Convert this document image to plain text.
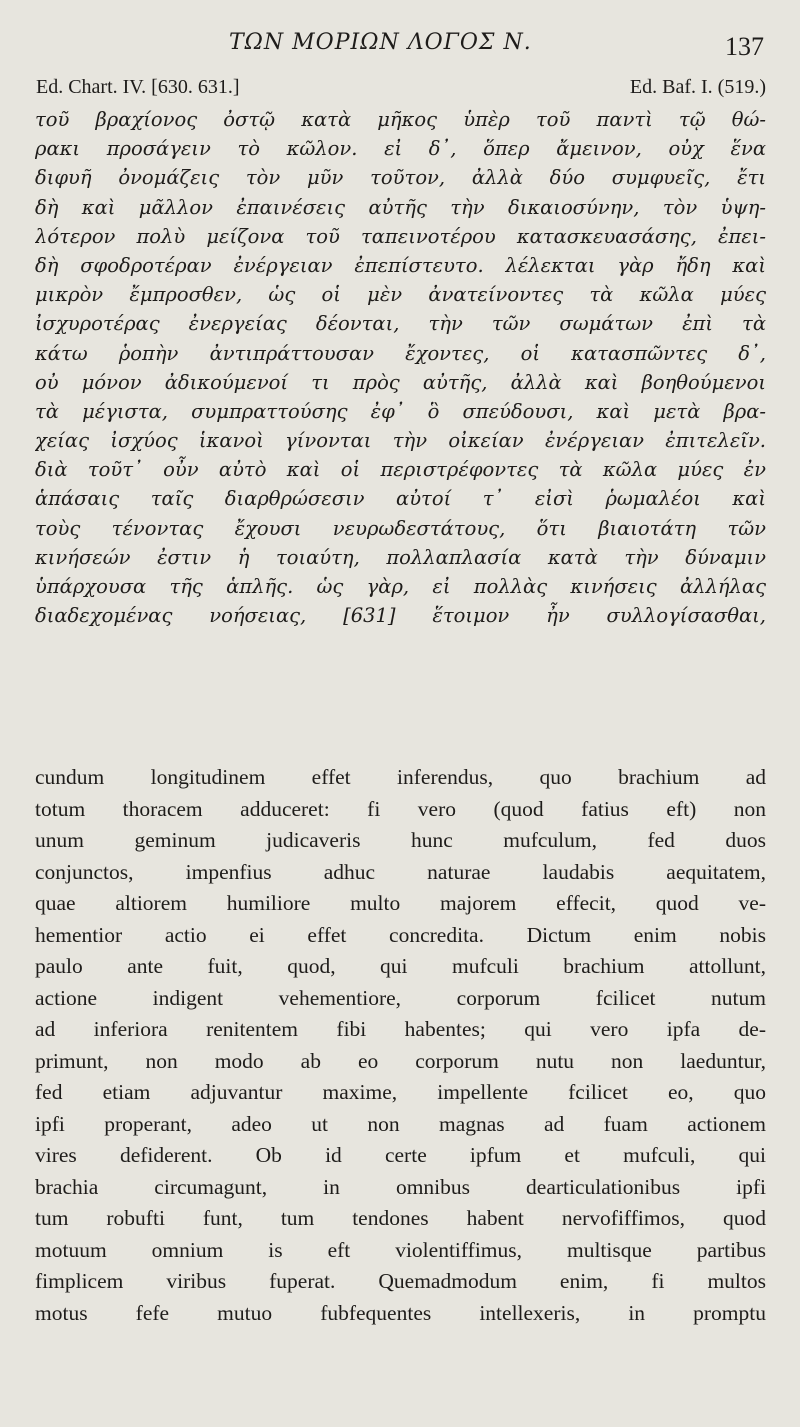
ΤΩΝ ΜΟΡΙΩΝ ΛΟΓΟΣ Ν.	137
Ed. Chart. IV. [630. 631.]	Ed. Baf. I. (519.)
τοῦ βραχίονος ὀστῷ κατὰ μῆκος ὑπὲρ τοῦ παντὶ τῷ θώ-
ρακι προσάγειν τὸ κῶλον. εἰ δ᾽, ὅπερ ἄμεινον, οὐχ ἕνα
διφυῆ ὀνομάζεις τὸν μῦν τοῦτον, ἀλλὰ δύο συμφυεῖς, ἔτι
δὴ καὶ μᾶλλον ἐπαινέσεις αὐτῆς τὴν δικαιοσύνην, τὸν ὑψη-
λότερον πολὺ μείζονα τοῦ ταπεινοτέρου κατασκευασάσης, ἐπει-
δὴ σφοδροτέραν ἐνέργειαν ἐπεπίστευτο. λέλεκται γὰρ ἤδη καὶ
μικρὸν ἔμπροσθεν, ὡς οἱ μὲν ἀνατείνοντες τὰ κῶλα μύες
ἰσχυροτέρας ἐνεργείας δέονται, τὴν τῶν σωμάτων ἐπὶ τὰ
κάτω ῥοπὴν ἀντιπράττουσαν ἔχοντες, οἱ κατασπῶντες δ᾽,
οὐ μόνον ἀδικούμενοί τι πρὸς αὐτῆς, ἀλλὰ καὶ βοηθούμενοι
τὰ μέγιστα, συμπραττούσης ἐφ᾽ ὃ σπεύδουσι, καὶ μετὰ βρα-
χείας ἰσχύος ἱκανοὶ γίνονται τὴν οἰκείαν ἐνέργειαν ἐπιτελεῖν.
διὰ τοῦτ᾽ οὖν αὐτὸ καὶ οἱ περιστρέφοντες τὰ κῶλα μύες ἐν
ἁπάσαις ταῖς διαρθρώσεσιν αὐτοί τ᾽ εἰσὶ ῥωμαλέοι καὶ
τοὺς τένοντας ἔχουσι νευρωδεστάτους, ὅτι βιαιοτάτη τῶν
κινήσεών ἐστιν ἡ τοιαύτη, πολλαπλασία κατὰ τὴν δύναμιν
ὑπάρχουσα τῆς ἁπλῆς. ὡς γὰρ, εἰ πολλὰς κινήσεις ἀλλήλας
διαδεχομένας νοήσειας, [631] ἕτοιμον ἦν συλλογίσασθαι,
cundum longitudinem effet inferendus, quo brachium ad
totum thoracem adduceret: fi vero (quod fatius eft) non
unum geminum judicaveris hunc mufculum, fed duos
conjunctos, impenfius adhuc naturae laudabis aequitatem,
quae altiorem humiliore multo majorem effecit, quod ve-
hementior actio ei effet concredita. Dictum enim nobis
paulo ante fuit, quod, qui mufculi brachium attollunt,
actione indigent vehementiore, corporum fcilicet nutum
ad inferiora renitentem fibi habentes; qui vero ipfa de-
primunt, non modo ab eo corporum nutu non laeduntur,
fed etiam adjuvantur maxime, impellente fcilicet eo, quo
ipfi properant, adeo ut non magnas ad fuam actionem
vires defiderent. Ob id certe ipfum et mufculi, qui
brachia circumagunt, in omnibus dearticulationibus ipfi
tum robufti funt, tum tendones habent nervofiffimos, quod
motuum omnium is eft violentiffimus, multisque partibus
fimplicem viribus fuperat. Quemadmodum enim, fi multos
motus fefe mutuo fubfequentes intellexeris, in promptu
